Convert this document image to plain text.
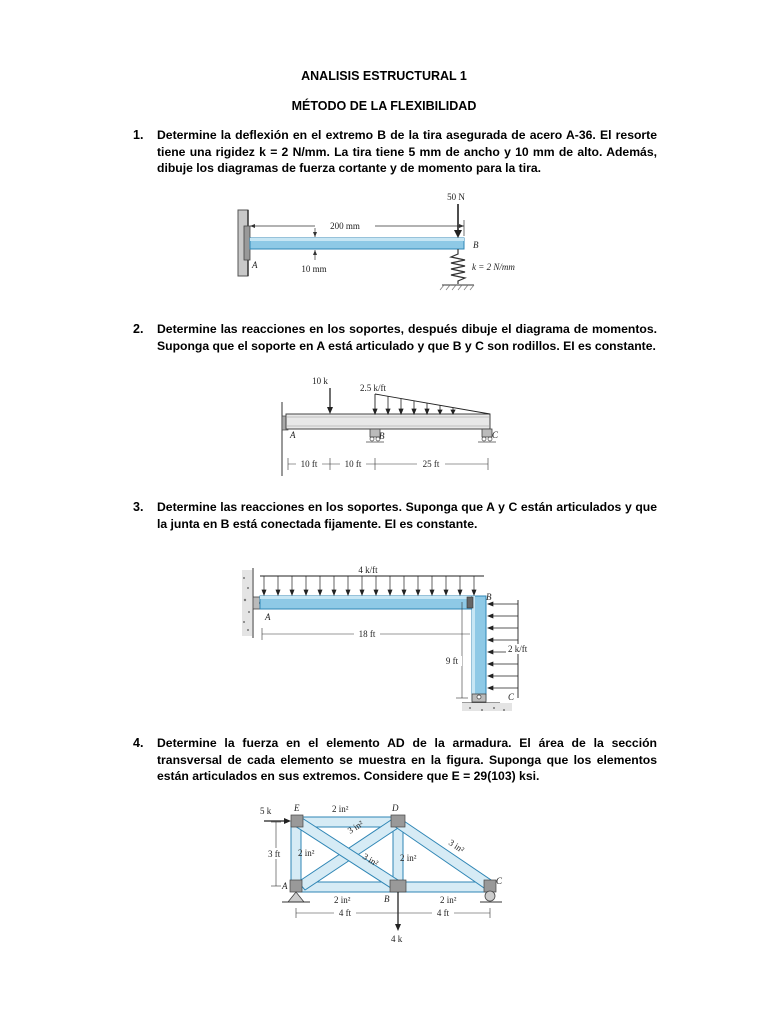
ANALISIS ESTRUCTURAL 1
MÉTODO DE LA FLEXIBILIDAD
1. Determine la deflexión en el extremo B de la tira asegurada de acero A-36. El resorte tiene una rigidez k = 2 N/mm. La tira tiene 5 mm de ancho y 10 mm de alto. Además, dibuje los diagramas de fuerza cortante y de momento para la tira.
200 mm
10 mm
A
50 N
B
k = 2 N/mm
2. Determine las reacciones en los soportes, después dibuje el diagrama de momentos. Suponga que el soporte en A está articulado y que B y C son rodillos. EI es constante.
A
10 k
2.5 k/ft
B	C
10 ft	10 ft	25 ft
3. Determine las reacciones en los soportes. Suponga que A y C están articulados y que la junta en B está conectada fijamente. EI es constante.
A
B
4 k/ft
2 k/ft
18 ft
9 ft
C
4. Determine la fuerza en el elemento AD de la armadura. El área de la sección transversal de cada elemento se muestra en la figura. Suponga que los elementos están articulados en sus extremos. Considere que E = 29(103) ksi.
5 k
4 k
E	D
A
B
C
2 in²
2 in²
3 in²
3 in² 2 in²
3 in²
2 in²	2 in²
3 ft
4 ft	4 ft
